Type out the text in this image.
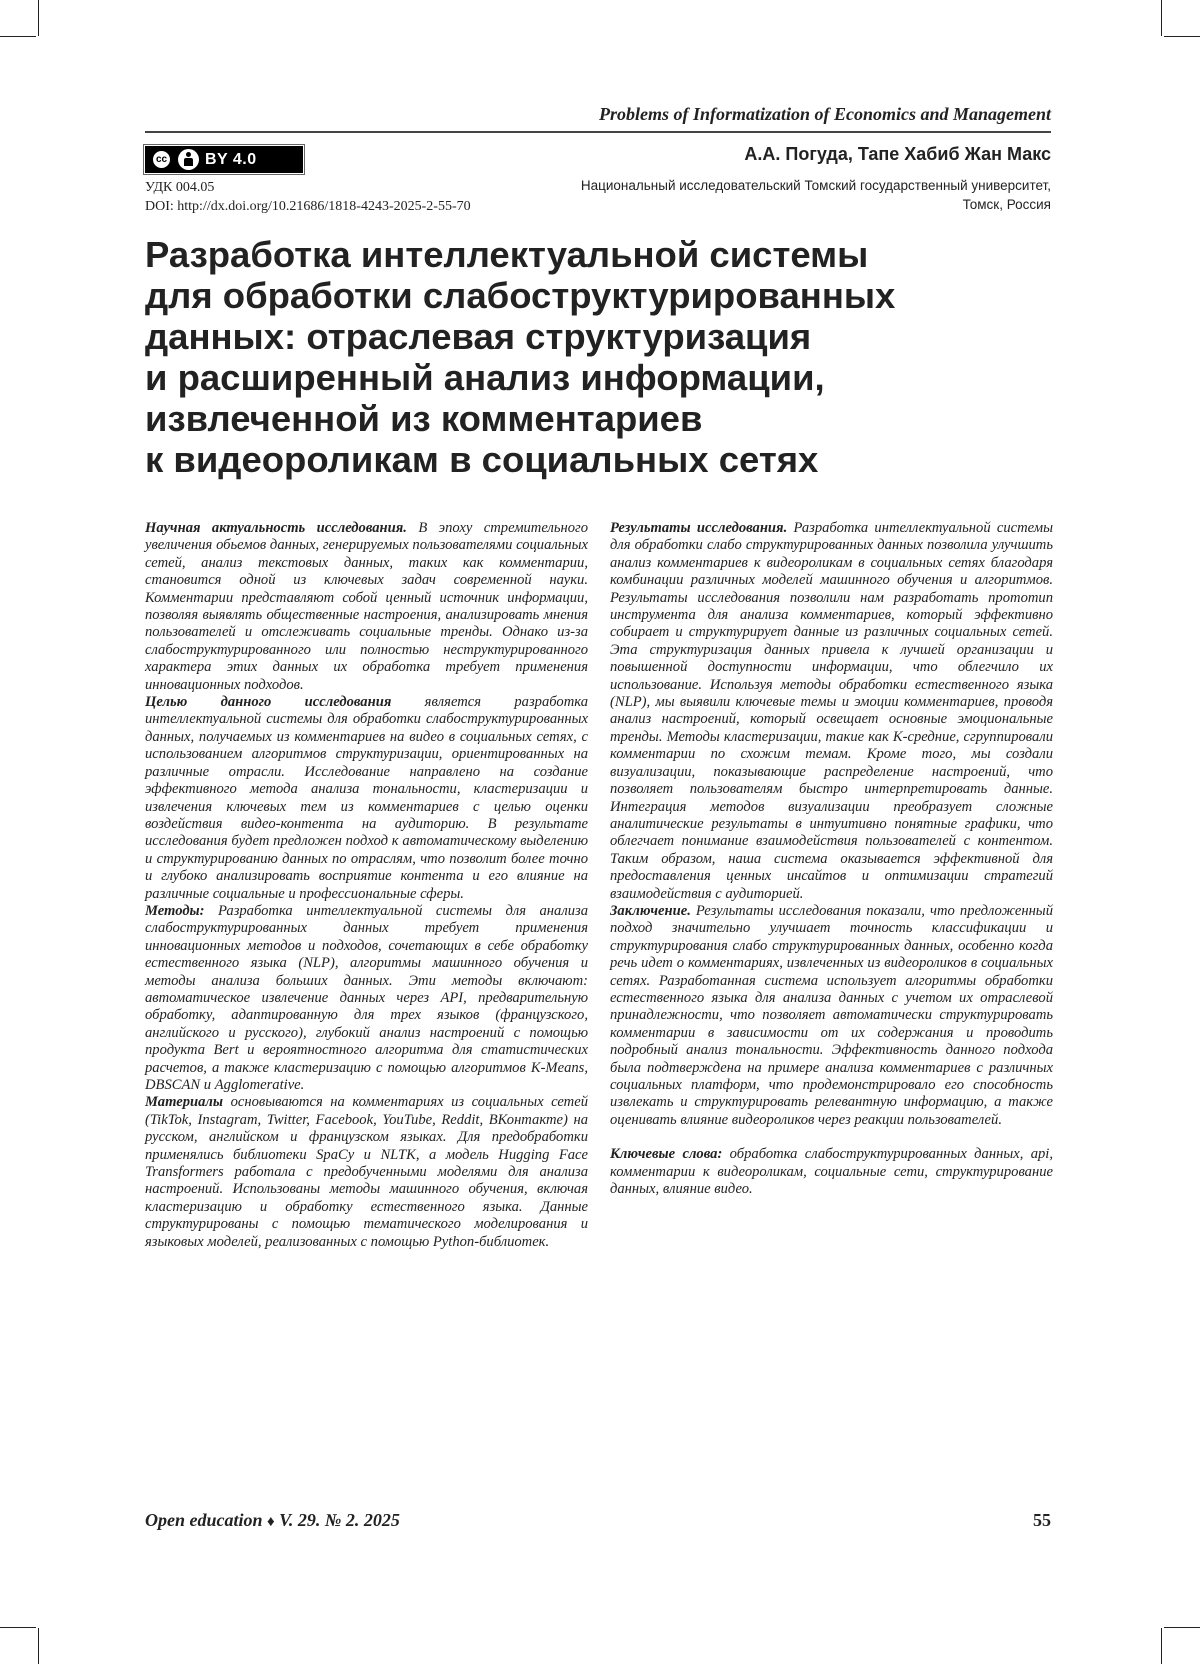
Problems of Informatization of Economics and Management
cc	BY 4.0
УДК 004.05
DOI: http://dx.doi.org/10.21686/1818-4243-2025-2-55-70
А.А. Погуда, Тапе Хабиб Жан Макс
Национальный исследовательский Томский государственный университет,
Томск, Россия
Разработка интеллектуальной системы
для обработки слабоструктурированных
данных: отраслевая структуризация
и расширенный анализ информации,
извлеченной из комментариев
к видеороликам в социальных сетях

Научная актуальность исследования. В эпоху стремительного увеличения обьемов данных, генерируемых пользователями социальных сетей, анализ текстовых данных, таких как комментарии, становится одной из ключевых задач современной науки. Комментарии представляют собой ценный источник информации, позволяя выявлять общественные настроения, анализировать мнения пользователей и отслеживать социальные тренды. Однако из-за слабоструктурированного или полностью неструктурированного характера этих данных их обработка требует применения инновационных подходов.

Целью данного исследования является разработка интеллектуальной системы для обработки слабоструктурированных данных, получаемых из комментариев на видео в социальных сетях, с использованием алгоритмов структуризации, ориентированных на различные отрасли. Исследование направлено на создание эффективного метода анализа тональности, кластеризации и извлечения ключевых тем из комментариев с целью оценки воздействия видео-контента на аудиторию. В результате исследования будет предложен подход к автоматическому выделению и структурированию данных по отраслям, что позволит более точно и глубоко анализировать восприятие контента и его влияние на различные социальные и профессиональные сферы.

Методы: Разработка интеллектуальной системы для анализа слабоструктурированных данных требует применения инновационных методов и подходов, сочетающих в себе обработку естественного языка (NLP), алгоритмы машинного обучения и методы анализа больших данных. Эти методы включают: автоматическое извлечение данных через API, предварительную обработку, адаптированную для трех языков (французского, английского и русского), глубокий анализ настроений с помощью продукта Bert и вероятностного алгоритма для статистических расчетов, а также кластеризацию с помощью алгоритмов K-Means, DBSCAN и Agglomerative.

Материалы основываются на комментариях из социальных сетей (TikTok, Instagram, Twitter, Facebook, YouTube, Reddit, ВКонтакте) на русском, английском и французском языках. Для предобработки применялись библиотеки SpaCy и NLTK, а модель Hugging Face Transformers работала с предобученными моделями для анализа настроений. Использованы методы машинного обучения, включая кластеризацию и обработку естественного языка. Данные структурированы с помощью тематического моделирования и языковых моделей, реализованных с помощью Python-библиотек.

Результаты исследования. Разработка интеллектуальной системы для обработки слабо структурированных данных позволила улучшить анализ комментариев к видеороликам в социальных сетях благодаря комбинации различных моделей машинного обучения и алгоритмов. Результаты исследования позволили нам разработать прототип инструмента для анализа комментариев, который эффективно собирает и структурирует данные из различных социальных сетей. Эта структуризация данных привела к лучшей организации и повышенной доступности информации, что облегчило их использование. Используя методы обработки естественного языка (NLP), мы выявили ключевые темы и эмоции комментариев, проводя анализ настроений, который освещает основные эмоциональные тренды. Методы кластеризации, такие как K-средние, сгруппировали комментарии по схожим темам. Кроме того, мы создали визуализации, показывающие распределение настроений, что позволяет пользователям быстро интерпретировать данные. Интеграция методов визуализации преобразует сложные аналитические результаты в интуитивно понятные графики, что облегчает понимание взаимодействия пользователей с контентом. Таким образом, наша система оказывается эффективной для предоставления ценных инсайтов и оптимизации стратегий взаимодействия с аудиторией.

Заключение. Результаты исследования показали, что предложенный подход значительно улучшает точность классификации и структурирования слабо структурированных данных, особенно когда речь идет о комментариях, извлеченных из видеороликов в социальных сетях. Разработанная система использует алгоритмы обработки естественного языка для анализа данных с учетом их отраслевой принадлежности, что позволяет автоматически структурировать комментарии в зависимости от их содержания и проводить подробный анализ тональности. Эффективность данного подхода была подтверждена на примере анализа комментариев с различных социальных платформ, что продемонстрировало его способность извлекать и структурировать релевантную информацию, а также оценивать влияние видеороликов через реакции пользователей.

Ключевые слова: обработка слабоструктурированных данных, api, комментарии к видеороликам, социальные сети, структурирование данных, влияние видео.

Open education ♦ V. 29. № 2. 2025	55
